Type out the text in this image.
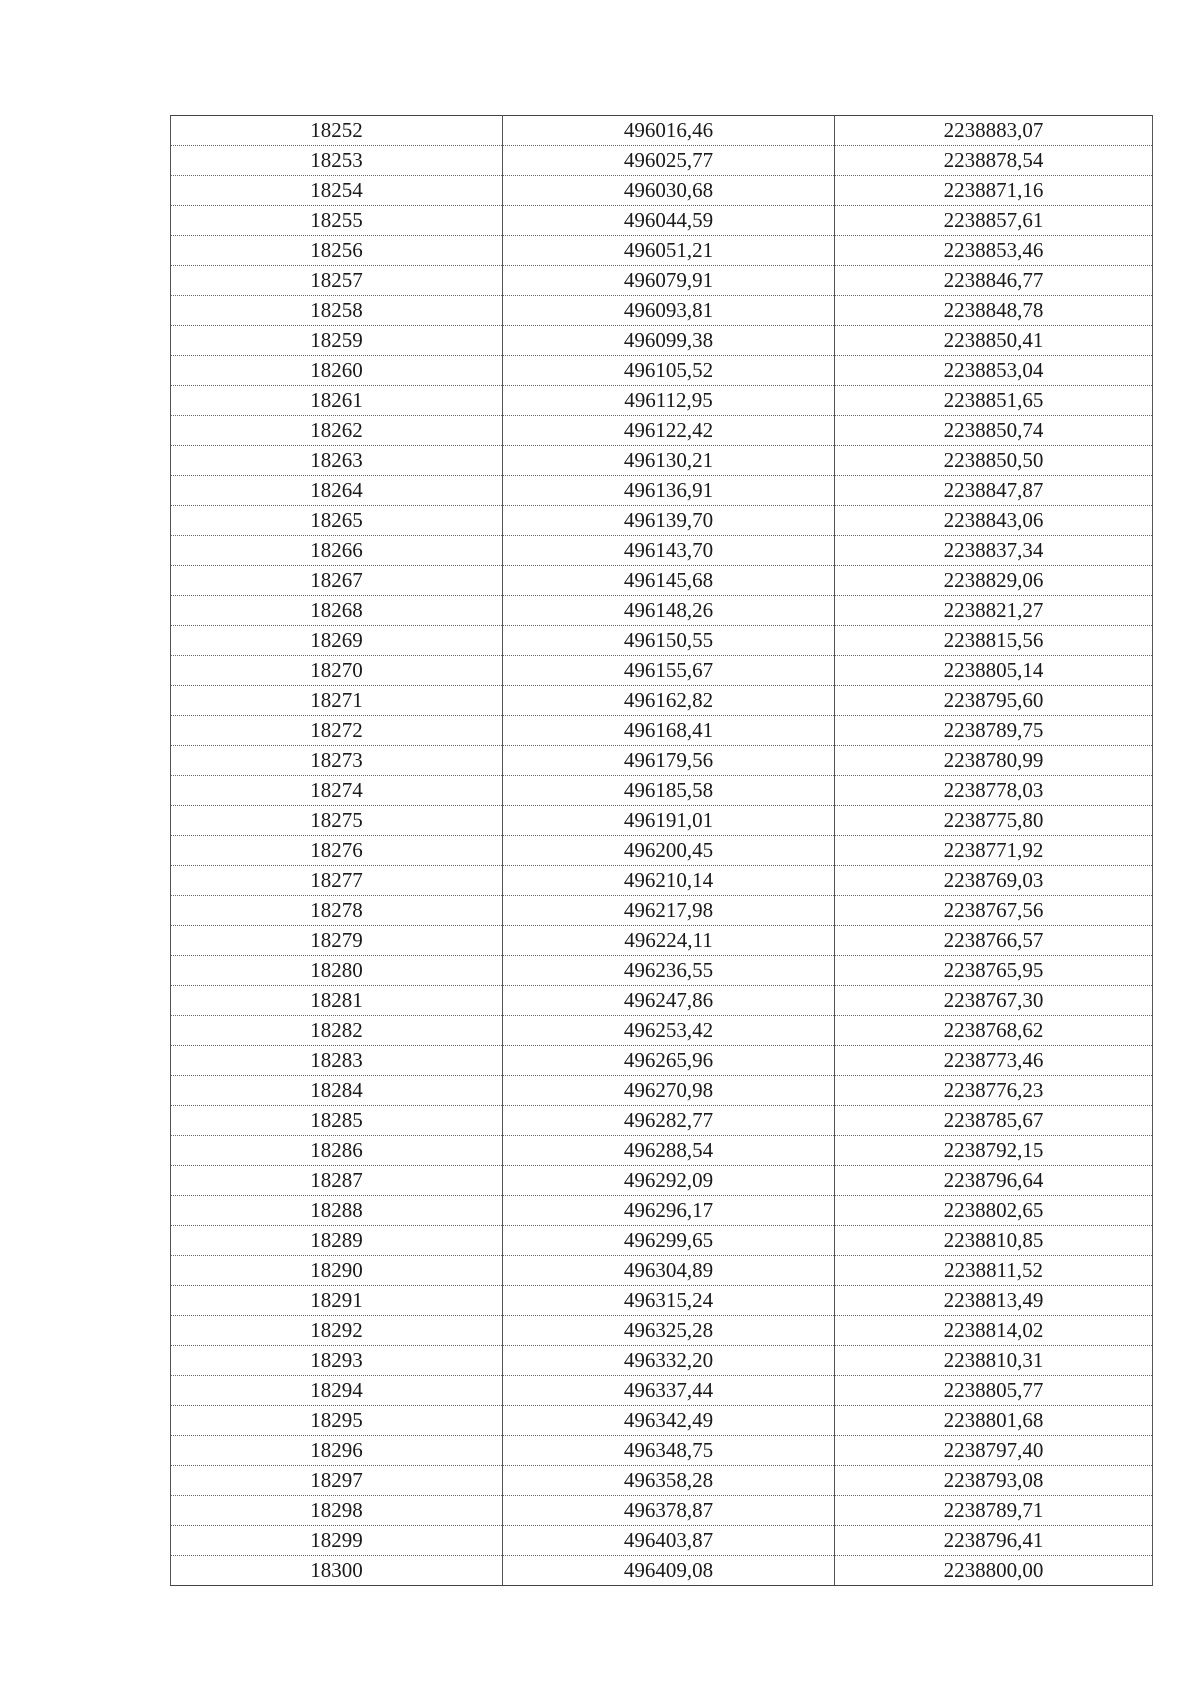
18252	496016,46	2238883,07
18253	496025,77	2238878,54
18254	496030,68	2238871,16
18255	496044,59	2238857,61
18256	496051,21	2238853,46
18257	496079,91	2238846,77
18258	496093,81	2238848,78
18259	496099,38	2238850,41
18260	496105,52	2238853,04
18261	496112,95	2238851,65
18262	496122,42	2238850,74
18263	496130,21	2238850,50
18264	496136,91	2238847,87
18265	496139,70	2238843,06
18266	496143,70	2238837,34
18267	496145,68	2238829,06
18268	496148,26	2238821,27
18269	496150,55	2238815,56
18270	496155,67	2238805,14
18271	496162,82	2238795,60
18272	496168,41	2238789,75
18273	496179,56	2238780,99
18274	496185,58	2238778,03
18275	496191,01	2238775,80
18276	496200,45	2238771,92
18277	496210,14	2238769,03
18278	496217,98	2238767,56
18279	496224,11	2238766,57
18280	496236,55	2238765,95
18281	496247,86	2238767,30
18282	496253,42	2238768,62
18283	496265,96	2238773,46
18284	496270,98	2238776,23
18285	496282,77	2238785,67
18286	496288,54	2238792,15
18287	496292,09	2238796,64
18288	496296,17	2238802,65
18289	496299,65	2238810,85
18290	496304,89	2238811,52
18291	496315,24	2238813,49
18292	496325,28	2238814,02
18293	496332,20	2238810,31
18294	496337,44	2238805,77
18295	496342,49	2238801,68
18296	496348,75	2238797,40
18297	496358,28	2238793,08
18298	496378,87	2238789,71
18299	496403,87	2238796,41
18300	496409,08	2238800,00
